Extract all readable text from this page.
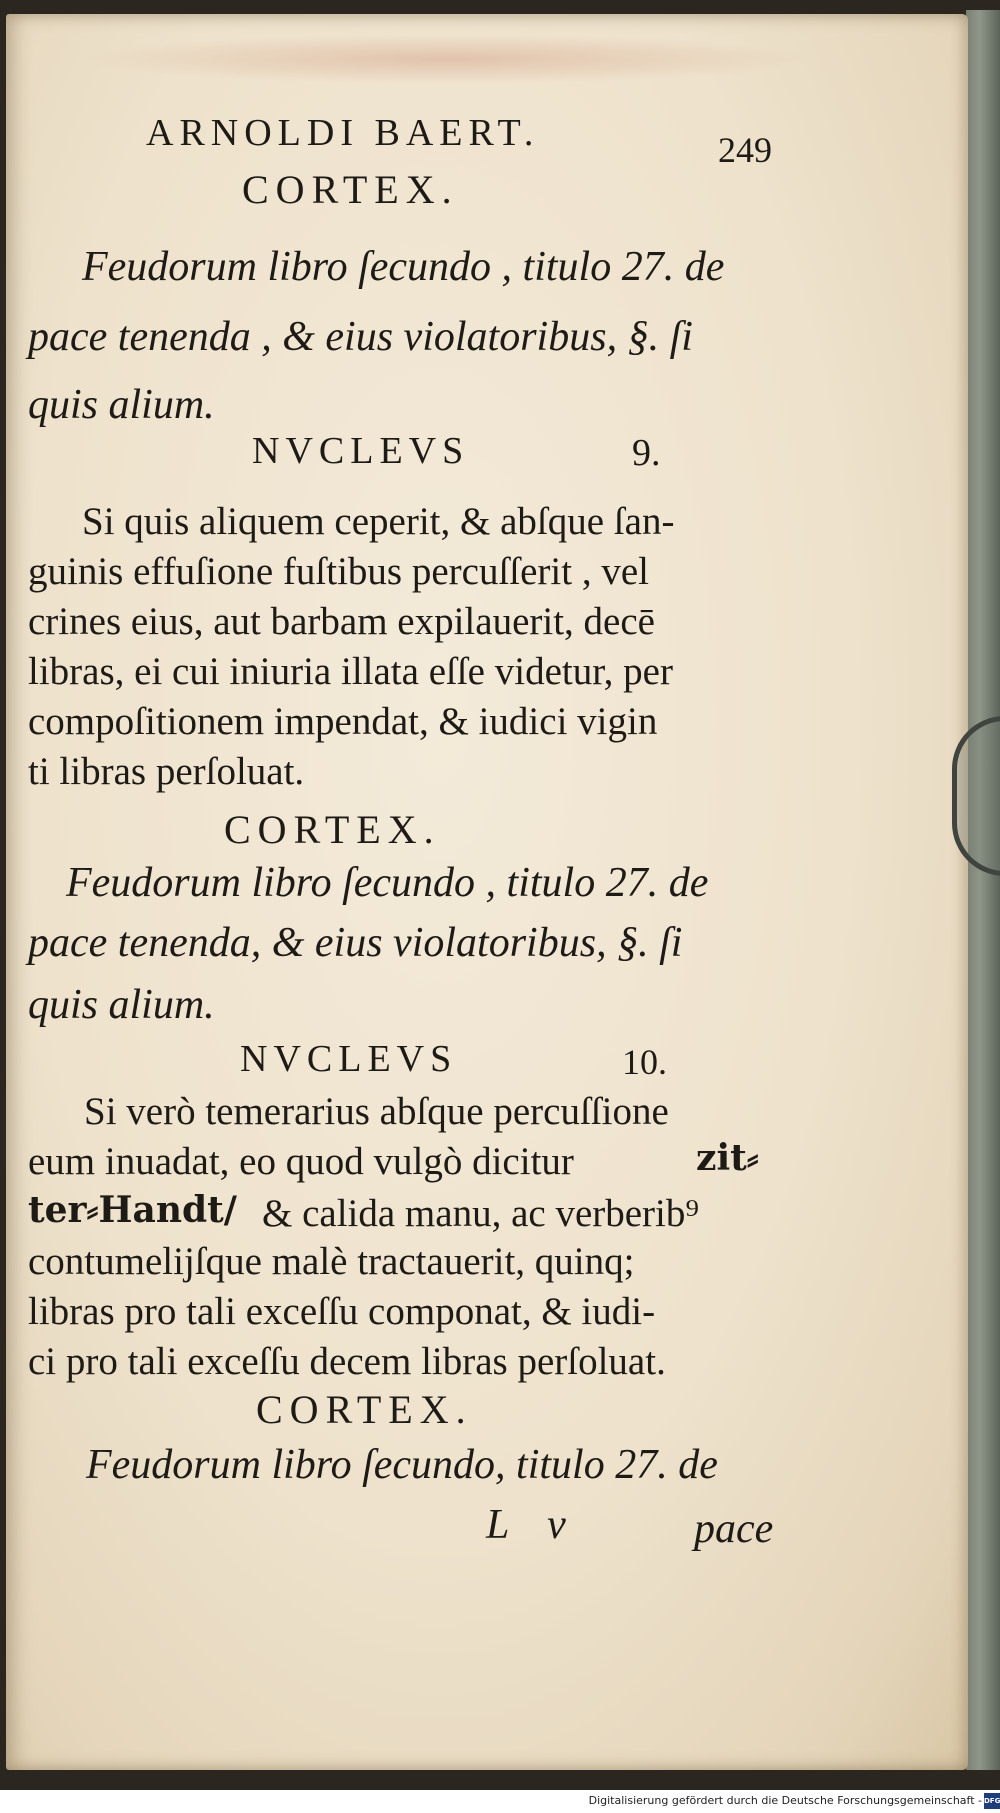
ARNOLDI BAERT.	249
CORTEX.
Feudorum libro ſecundo , titulo 27. de
pace tenenda , & eius violatoribus, §. ſi
quis alium.
NVCLEVS	9.
Si quis aliquem ceperit, & abſque ſan-
guinis effuſione fuſtibus percuſſerit , vel
crines eius, aut barbam expilauerit, decē
libras, ei cui iniuria illata eſſe videtur, per
compoſitionem impendat, & iudici vigin
ti libras perſoluat.
CORTEX.
Feudorum libro ſecundo , titulo 27. de
pace tenenda, & eius violatoribus, §. ſi
quis alium.
NVCLEVS	10.
Si verò temerarius abſque percuſſione
eum inuadat, eo quod vulgò dicitur	zit⸗
ter⸗Handt/ & calida manu, ac verberib⁹
contumelijſque malè tractauerit, quinq;
libras pro tali exceſſu componat, & iudi-
ci pro tali exceſſu decem libras perſoluat.
CORTEX.
Feudorum libro ſecundo, titulo 27. de
L v	pace
Digitalisierung gefördert durch die Deutsche Forschungsgemeinschaft - DFG
